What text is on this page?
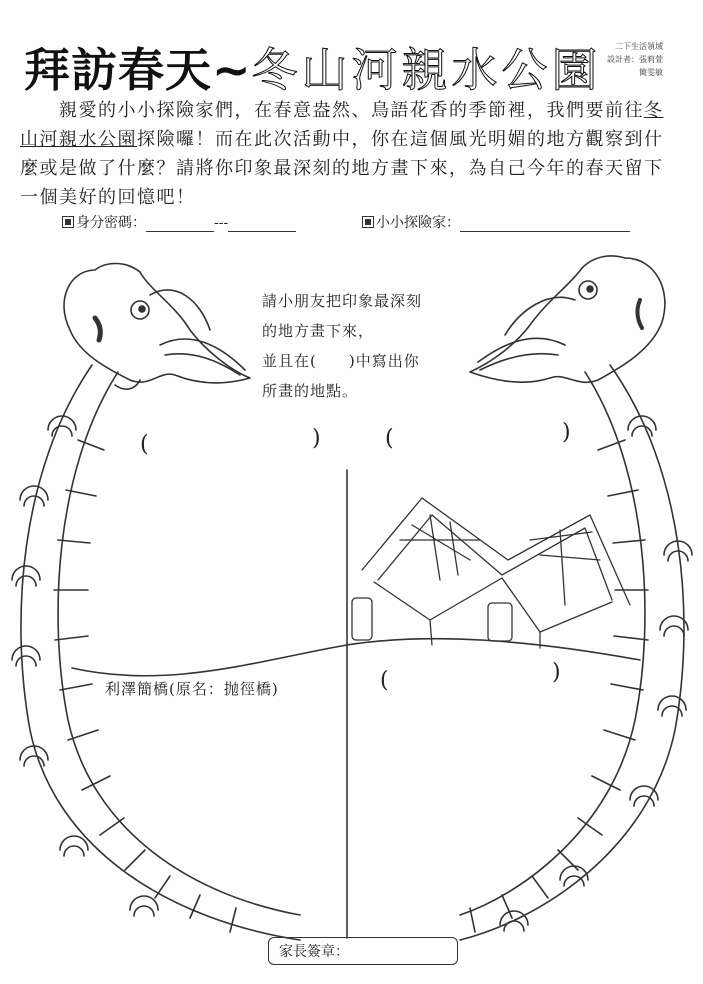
拜訪春天~冬山河親水公園	二下生活領域
設計者：張莉萱
簡雯敏

　　親愛的小小探險家們，在春意盎然、鳥語花香的季節裡，我們要前往冬山河親水公園探險囉！而在此次活動中，你在這個風光明媚的地方觀察到什麼或是做了什麼？請將你印象最深刻的地方畫下來，為自己今年的春天留下一個美好的回憶吧！

身分密碼：	---	小小探險家：
請小朋友把印象最深刻
的地方畫下來，
並且在(　　)中寫出你
所畫的地點。
(	)	(	)
(	)
利澤簡橋(原名：抛徑橋)
家長簽章：
